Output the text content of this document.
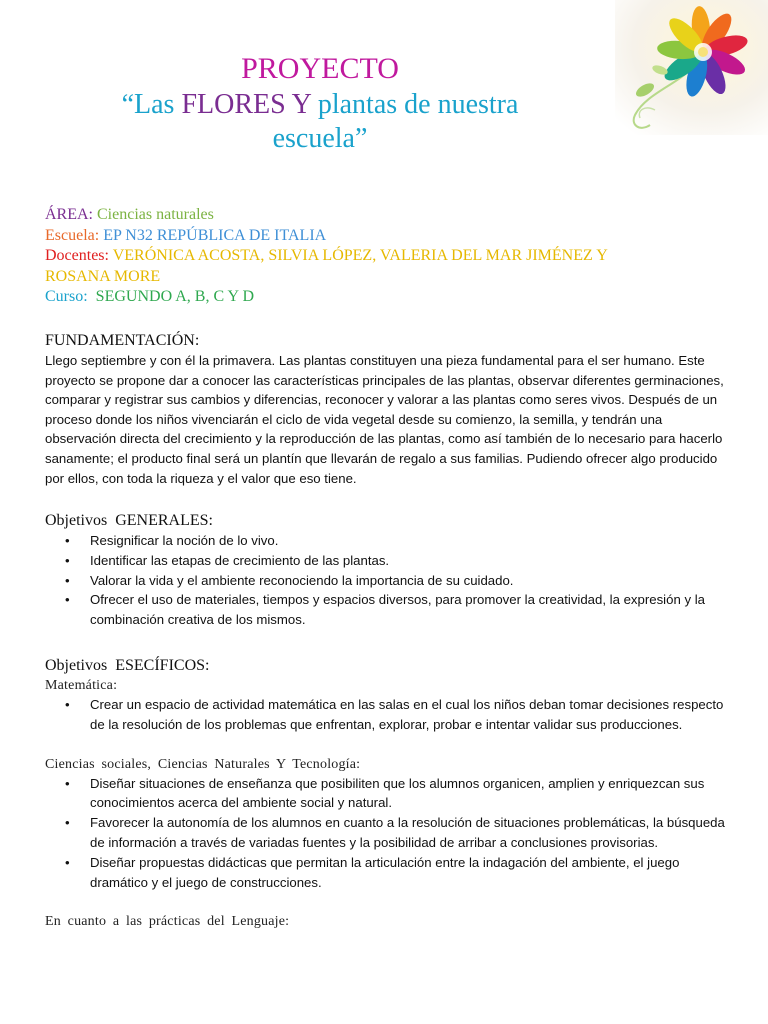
PROYECTO
“Las FLORES Y plantas de nuestra
escuela”
ÁREA: Ciencias naturales
Escuela: EP N32 REPÚBLICA DE ITALIA
Docentes: VERÓNICA ACOSTA, SILVIA LÓPEZ, VALERIA DEL MAR JIMÉNEZ Y
ROSANA MORE
Curso: SEGUNDO A, B, C Y D
FUNDAMENTACIÓN:

Llego septiembre y con él la primavera. Las plantas constituyen una pieza fundamental para el ser humano. Este proyecto se propone dar a conocer las características principales de las plantas, observar diferentes germinaciones, comparar y registrar sus cambios y diferencias, reconocer y valorar a las plantas como seres vivos. Después de un proceso donde los niños vivenciarán el ciclo de vida vegetal desde su comienzo, la semilla, y tendrán una observación directa del crecimiento y la reproducción de las plantas, como así también de lo necesario para hacerlo sanamente; el producto final será un plantín que llevarán de regalo a sus familias. Pudiendo ofrecer algo producido por ellos, con toda la riqueza y el valor que eso tiene.

Objetivos  GENERALES:
• Resignificar la noción de lo vivo.
• Identificar las etapas de crecimiento de las plantas.
• Valorar la vida y el ambiente reconociendo la importancia de su cuidado.
• Ofrecer el uso de materiales, tiempos y espacios diversos, para promover la creatividad, la expresión y la combinación creativa de los mismos.
Objetivos  ESECÍFICOS:
Matemática:
• Crear un espacio de actividad matemática en las salas en el cual los niños deban tomar decisiones respecto de la resolución de los problemas que enfrentan, explorar, probar e intentar validar sus producciones.
Ciencias sociales, Ciencias Naturales Y Tecnología:
• Diseñar situaciones de enseñanza que posibiliten que los alumnos organicen, amplien y enriquezcan sus conocimientos acerca del ambiente social y natural.
• Favorecer la autonomía de los alumnos en cuanto a la resolución de situaciones problemáticas, la búsqueda de información a través de variadas fuentes y la posibilidad de arribar a conclusiones provisorias.
• Diseñar propuestas didácticas que permitan la articulación entre la indagación del ambiente, el juego dramático y el juego de construcciones.
En cuanto a las prácticas del Lenguaje:
